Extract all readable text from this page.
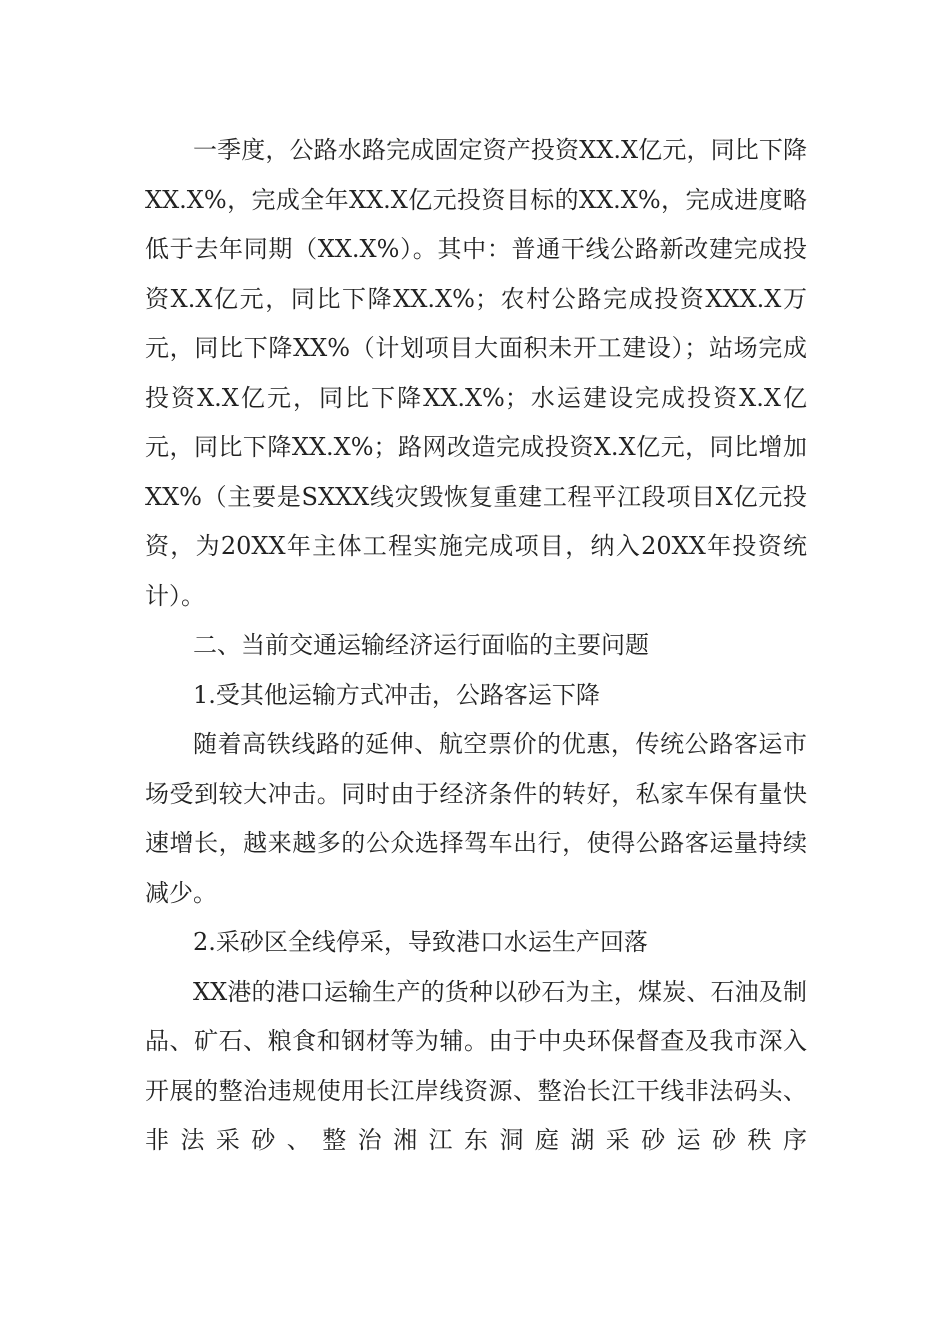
一季度，公路水路完成固定资产投资XX.X亿元，同比下降XX.X%，完成全年XX.X亿元投资目标的XX.X%，完成进度略低于去年同期（XX.X%）。其中：普通干线公路新改建完成投资X.X亿元，同比下降XX.X%；农村公路完成投资XXX.X万元，同比下降XX%（计划项目大面积未开工建设）；站场完成投资X.X亿元，同比下降XX.X%；水运建设完成投资X.X亿元，同比下降XX.X%；路网改造完成投资X.X亿元，同比增加XX%（主要是SXXX线灾毁恢复重建工程平江段项目X亿元投资，为20XX年主体工程实施完成项目，纳入20XX年投资统计）。

二、当前交通运输经济运行面临的主要问题

1.受其他运输方式冲击，公路客运下降

随着高铁线路的延伸、航空票价的优惠，传统公路客运市场受到较大冲击。同时由于经济条件的转好，私家车保有量快速增长，越来越多的公众选择驾车出行，使得公路客运量持续减少。

2.采砂区全线停采，导致港口水运生产回落

XX港的港口运输生产的货种以砂石为主，煤炭、石油及制品、矿石、粮食和钢材等为辅。由于中央环保督查及我市深入开展的整治违规使用长江岸线资源、整治长江干线非法码头、非法采砂、整治湘江东洞庭湖采砂运砂秩序
